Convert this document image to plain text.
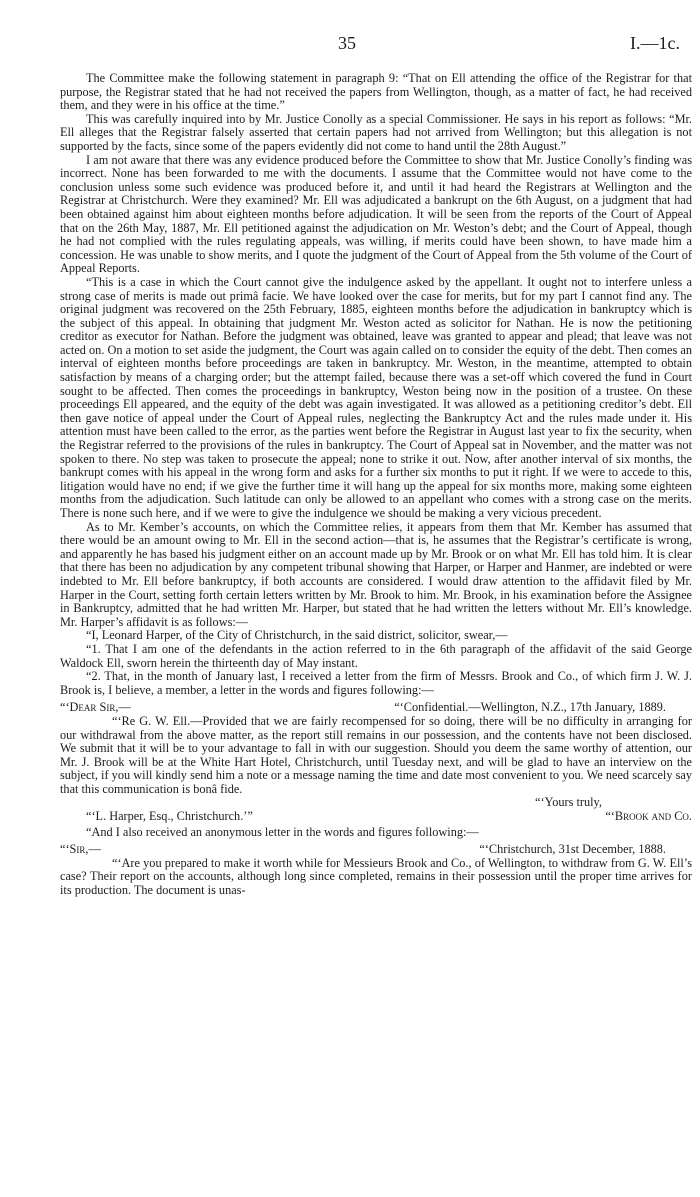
35	I.—1c.

The Committee make the following statement in paragraph 9: “That on Ell attending the office of the Registrar for that purpose, the Registrar stated that he had not received the papers from Wellington, though, as a matter of fact, he had received them, and they were in his office at the time.”

This was carefully inquired into by Mr. Justice Conolly as a special Commissioner. He says in his report as follows: “Mr. Ell alleges that the Registrar falsely asserted that certain papers had not arrived from Wellington; but this allegation is not supported by the facts, since some of the papers evidently did not come to hand until the 28th August.”

I am not aware that there was any evidence produced before the Committee to show that Mr. Justice Conolly’s finding was incorrect. None has been forwarded to me with the documents. I assume that the Committee would not have come to the conclusion unless some such evidence was produced before it, and until it had heard the Registrars at Wellington and the Registrar at Christchurch. Were they examined? Mr. Ell was adjudicated a bankrupt on the 6th August, on a judgment that had been obtained against him about eighteen months before adjudication. It will be seen from the reports of the Court of Appeal that on the 26th May, 1887, Mr. Ell petitioned against the adjudication on Mr. Weston’s debt; and the Court of Appeal, though he had not complied with the rules regulating appeals, was willing, if merits could have been shown, to have made him a concession. He was unable to show merits, and I quote the judgment of the Court of Appeal from the 5th volume of the Court of Appeal Reports.

“This is a case in which the Court cannot give the indulgence asked by the appellant. It ought not to interfere unless a strong case of merits is made out primâ facie. We have looked over the case for merits, but for my part I cannot find any. The original judgment was recovered on the 25th February, 1885, eighteen months before the adjudication in bankruptcy which is the subject of this appeal. In obtaining that judgment Mr. Weston acted as solicitor for Nathan. He is now the petitioning creditor as executor for Nathan. Before the judgment was obtained, leave was granted to appear and plead; that leave was not acted on. On a motion to set aside the judgment, the Court was again called on to consider the equity of the debt. Then comes an interval of eighteen months before proceedings are taken in bankruptcy. Mr. Weston, in the meantime, attempted to obtain satisfaction by means of a charging order; but the attempt failed, because there was a set-off which covered the fund in Court sought to be affected. Then comes the proceedings in bankruptcy, Weston being now in the position of a trustee. On these proceedings Ell appeared, and the equity of the debt was again investigated. It was allowed as a petitioning creditor’s debt. Ell then gave notice of appeal under the Court of Appeal rules, neglecting the Bankruptcy Act and the rules made under it. His attention must have been called to the error, as the parties went before the Registrar in August last year to fix the security, when the Registrar referred to the provisions of the rules in bankruptcy. The Court of Appeal sat in November, and the matter was not spoken to there. No step was taken to prosecute the appeal; none to strike it out. Now, after another interval of six months, the bankrupt comes with his appeal in the wrong form and asks for a further six months to put it right. If we were to accede to this, litigation would have no end; if we give the further time it will hang up the appeal for six months more, making some eighteen months from the adjudication. Such latitude can only be allowed to an appellant who comes with a strong case on the merits. There is none such here, and if we were to give the indulgence we should be making a very vicious precedent.

As to Mr. Kember’s accounts, on which the Committee relies, it appears from them that Mr. Kember has assumed that there would be an amount owing to Mr. Ell in the second action—that is, he assumes that the Registrar’s certificate is wrong, and apparently he has based his judgment either on an account made up by Mr. Brook or on what Mr. Ell has told him. It is clear that there has been no adjudication by any competent tribunal showing that Harper, or Harper and Hanmer, are indebted or were indebted to Mr. Ell before bankruptcy, if both accounts are considered. I would draw attention to the affidavit filed by Mr. Harper in the Court, setting forth certain letters written by Mr. Brook to him. Mr. Brook, in his examination before the Assignee in Bankruptcy, admitted that he had written Mr. Harper, but stated that he had written the letters without Mr. Ell’s knowledge. Mr. Harper’s affidavit is as follows:—

“I, Leonard Harper, of the City of Christchurch, in the said district, solicitor, swear,—

“1. That I am one of the defendants in the action referred to in the 6th paragraph of the affidavit of the said George Waldock Ell, sworn herein the thirteenth day of May instant.

“2. That, in the month of January last, I received a letter from the firm of Messrs. Brook and Co., of which firm J. W. J. Brook is, I believe, a member, a letter in the words and figures following:—

“‘Dear Sir,—	“‘Confidential.—Wellington, N.Z., 17th January, 1889.

“‘Re G. W. Ell.—Provided that we are fairly recompensed for so doing, there will be no difficulty in arranging for our withdrawal from the above matter, as the report still remains in our possession, and the contents have not been disclosed. We submit that it will be to your advantage to fall in with our suggestion. Should you deem the same worthy of attention, our Mr. J. Brook will be at the White Hart Hotel, Christchurch, until Tuesday next, and will be glad to have an interview on the subject, if you will kindly send him a note or a message naming the time and date most convenient to you. We need scarcely say that this communication is bonâ fide.

“‘Yours truly,
“‘L. Harper, Esq., Christchurch.’”	“‘Brook and Co.

“And I also received an anonymous letter in the words and figures following:—

“‘Sir,—	“‘Christchurch, 31st December, 1888.

“‘Are you prepared to make it worth while for Messieurs Brook and Co., of Wellington, to withdraw from G. W. Ell’s case? Their report on the accounts, although long since completed, remains in their possession until the proper time arrives for its production. The document is unas-
